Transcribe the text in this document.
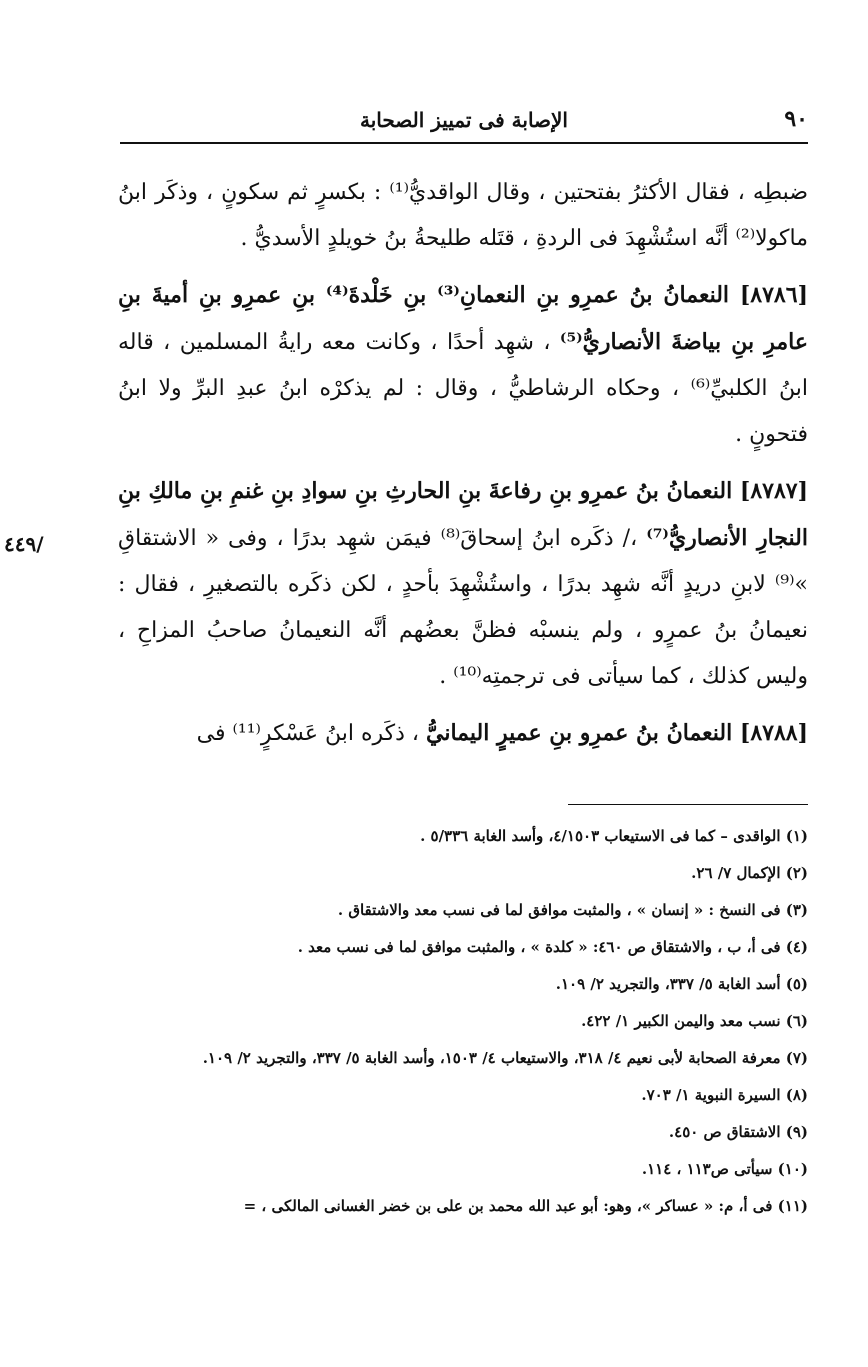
٩٠
الإصابة فى تمييز الصحابة
٤٤٩/

ضبطِه ، فقال الأكثرُ بفتحتين ، وقال الواقديُّ⁽¹⁾ : بكسرٍ ثم سكونٍ ، وذكَر ابنُ ماكولا⁽²⁾ أنَّه استُشْهِدَ فى الردةِ ، قتَله طليحةُ بنُ خويلدٍ الأسديُّ .

[٨٧٨٦] النعمانُ بنُ عمرِو بنِ النعمانِ⁽³⁾ بنِ خَلْدةَ⁽⁴⁾ بنِ عمرِو بنِ أميةَ بنِ عامرِ بنِ بياضةَ الأنصاريُّ⁽⁵⁾ ، شهِد أحدًا ، وكانت معه رايةُ المسلمين ، قاله ابنُ الكلبيِّ⁽⁶⁾ ، وحكاه الرشاطيُّ ، وقال : لم يذكرْه ابنُ عبدِ البرِّ ولا ابنُ فتحونٍ .

[٨٧٨٧] النعمانُ بنُ عمرِو بنِ رفاعةَ بنِ الحارثِ بنِ سوادِ بنِ غنمِ بنِ مالكِ بنِ النجارِ الأنصاريُّ⁽⁷⁾ ،/ ذكَره ابنُ إسحاقَ⁽⁸⁾ فيمَن شهِد بدرًا ، وفى « الاشتقاقِ »⁽⁹⁾ لابنِ دريدٍ أنَّه شهِد بدرًا ، واستُشْهِدَ بأحدٍ ، لكن ذكَره بالتصغيرِ ، فقال : نعيمانُ بنُ عمرٍو ، ولم ينسبْه فظنَّ بعضُهم أنَّه النعيمانُ صاحبُ المزاحِ ، وليس كذلك ، كما سيأتى فى ترجمتِه⁽¹⁰⁾ .

[٨٧٨٨] النعمانُ بنُ عمرِو بنِ عميرٍ اليمانيُّ ، ذكَره ابنُ عَسْكرٍ⁽¹¹⁾ فى

(١) الواقدى – كما فى الاستيعاب ٤/١٥٠٣، وأسد الغابة ٥/٣٣٦ .

(٢) الإكمال ٧/ ٢٦.

(٣) فى النسخ : « إنسان » ، والمثبت موافق لما فى نسب معد والاشتقاق .

(٤) فى أ، ب ، والاشتقاق ص ٤٦٠: « كلدة » ، والمثبت موافق لما فى نسب معد .

(٥) أسد الغابة ٥/ ٣٣٧، والتجريد ٢/ ١٠٩.

(٦) نسب معد واليمن الكبير ١/ ٤٢٢.

(٧) معرفة الصحابة لأبى نعيم ٤/ ٣١٨، والاستيعاب ٤/ ١٥٠٣، وأسد الغابة ٥/ ٣٣٧، والتجريد ٢/ ١٠٩.

(٨) السيرة النبوية ١/ ٧٠٣.

(٩) الاشتقاق ص ٤٥٠.

(١٠) سيأتى ص١١٣ ، ١١٤.

(١١) فى أ، م: « عساكر »، وهو: أبو عبد الله محمد بن على بن خضر الغسانى المالكى ، =
